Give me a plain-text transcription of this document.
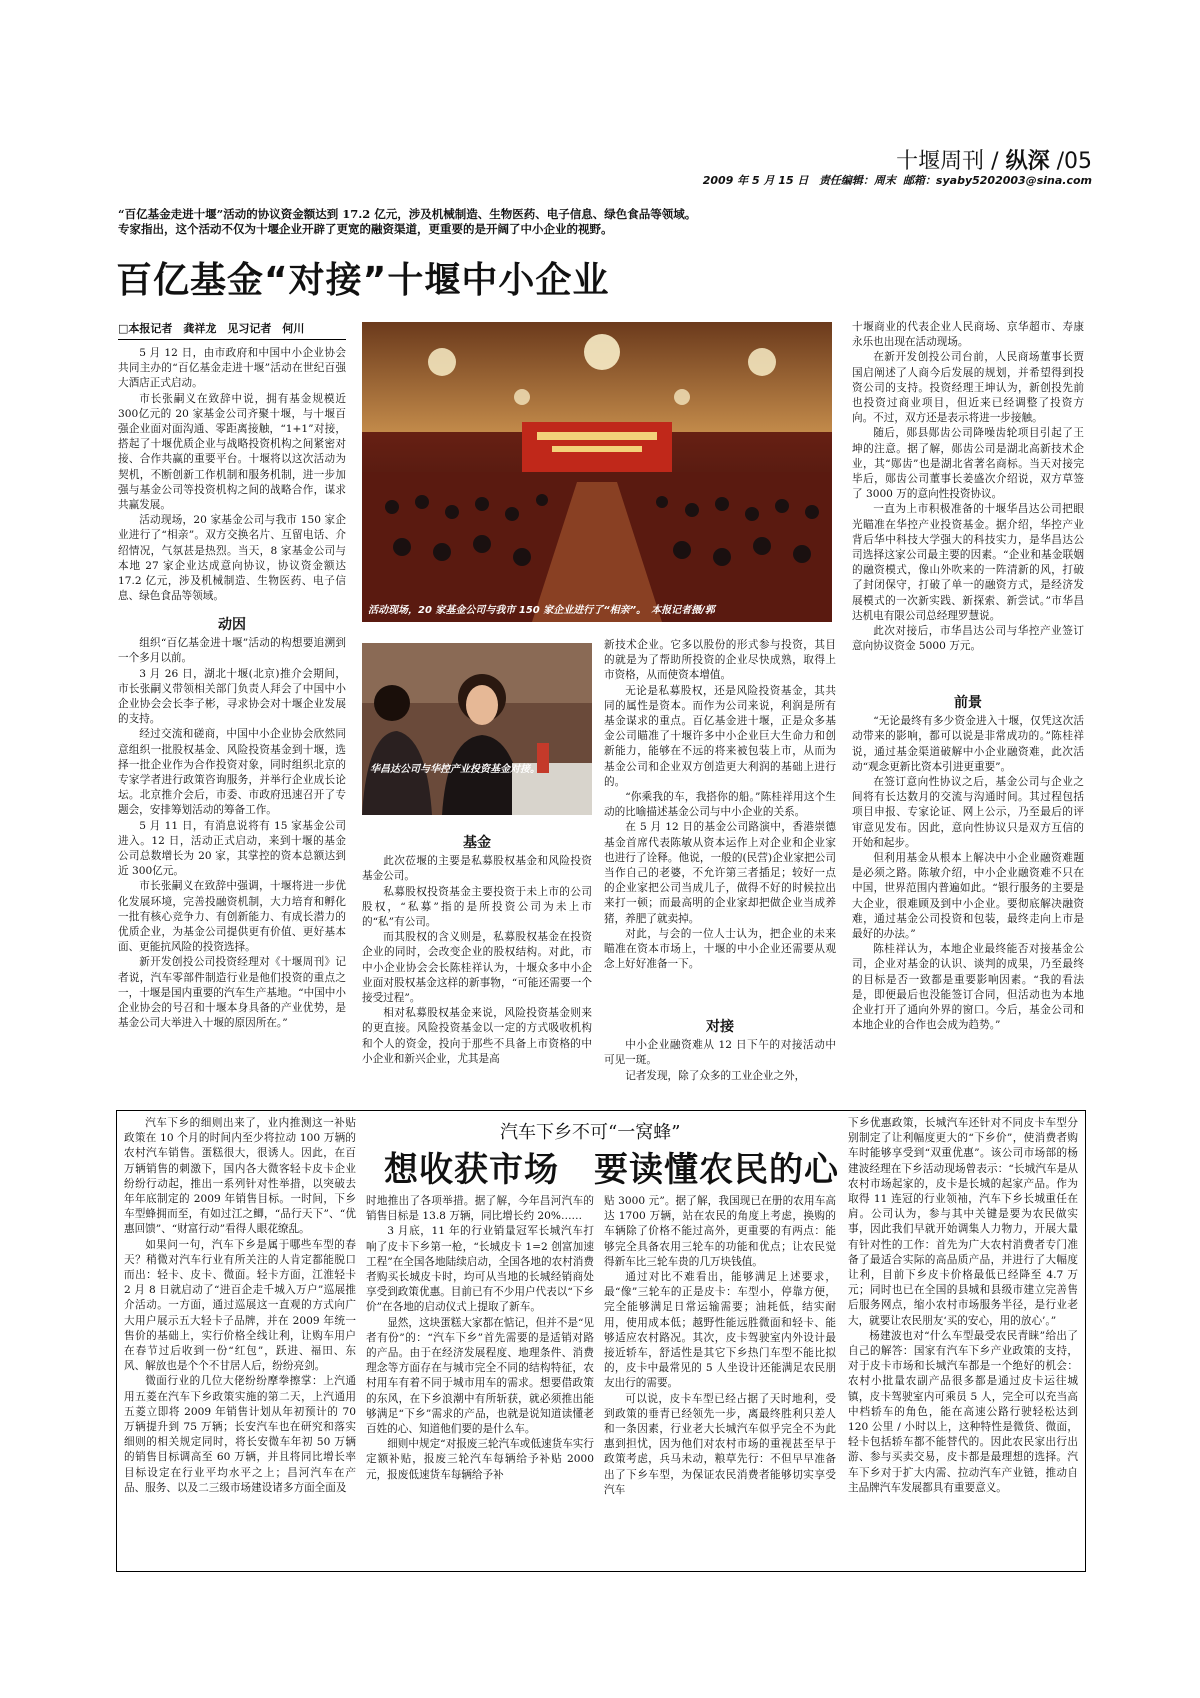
十堰周刊 / 纵深 /05
2009 年 5 月 15 日 责任编辑：周末 邮箱：syaby5202003@sina.com
“百亿基金走进十堰”活动的协议资金额达到 17.2 亿元，涉及机械制造、生物医药、电子信息、绿色食品等领域。
专家指出，这个活动不仅为十堰企业开辟了更宽的融资渠道，更重要的是开阔了中小企业的视野。
百亿基金“对接”十堰中小企业
□本报记者　龚祥龙　见习记者　何川

5 月 12 日，由市政府和中国中小企业协会共同主办的“百亿基金走进十堰”活动在世纪百强大酒店正式启动。

市长张嗣义在致辞中说，拥有基金规模近 300亿元的 20 家基金公司齐聚十堰，与十堰百强企业面对面沟通、零距离接触，“1+1”对接，搭起了十堰优质企业与战略投资机构之间紧密对接、合作共赢的重要平台。十堰将以这次活动为契机，不断创新工作机制和服务机制，进一步加强与基金公司等投资机构之间的战略合作，谋求共赢发展。

活动现场，20 家基金公司与我市 150 家企业进行了“相亲”。双方交换名片、互留电话、介绍情况，气氛甚是热烈。当天，8 家基金公司与本地 27 家企业达成意向协议，协议资金额达 17.2 亿元，涉及机械制造、生物医药、电子信息、绿色食品等领域。

动因

组织“百亿基金进十堰”活动的构想要追溯到一个多月以前。

3 月 26 日，湖北十堰(北京)推介会期间，市长张嗣义带领相关部门负责人拜会了中国中小企业协会会长李子彬，寻求协会对十堰企业发展的支持。

经过交流和磋商，中国中小企业协会欣然同意组织一批股权基金、风险投资基金到十堰，选择一批企业作为合作投资对象，同时组织北京的专家学者进行政策咨询服务，并举行企业成长论坛。北京推介会后，市委、市政府迅速召开了专题会，安排筹划活动的筹备工作。

5 月 11 日，有消息说将有 15 家基金公司进入。12 日，活动正式启动，来到十堰的基金公司总数增长为 20 家，其掌控的资本总额达到近 300亿元。

市长张嗣义在致辞中强调，十堰将进一步优化发展环境，完善投融资机制，大力培育和孵化一批有核心竞争力、有创新能力、有成长潜力的优质企业，为基金公司提供更有价值、更好基本面、更能抗风险的投资选择。

新开发创投公司投资经理对《十堰周刊》记者说，汽车零部件制造行业是他们投资的重点之一，十堰是国内重要的汽车生产基地。“中国中小企业协会的号召和十堰本身具备的产业优势，是基金公司大举进入十堰的原因所在。”

活动现场，20 家基金公司与我市 150 家企业进行了“相亲”。　本报记者摄/郭

十堰商业的代表企业人民商场、京华超市、寿康永乐也出现在活动现场。

在新开发创投公司台前，人民商场董事长贾国启阐述了人商今后发展的规划，并希望得到投资公司的支持。投资经理王坤认为，新创投先前也投资过商业项目，但近来已经调整了投资方向。不过，双方还是表示将进一步接触。

随后，郧县郧齿公司降噪齿轮项目引起了王坤的注意。据了解，郧齿公司是湖北高新技术企业，其“郧齿”也是湖北省著名商标。当天对接完毕后，郧齿公司董事长姜盛次介绍说，双方草签了 3000 万的意向性投资协议。

一直为上市积极准备的十堰华昌达公司把眼光瞄准在华控产业投资基金。据介绍，华控产业背后华中科技大学强大的科技实力，是华昌达公司选择这家公司最主要的因素。“企业和基金联姻的融资模式，像山外吹来的一阵清新的风，打破了封闭保守，打破了单一的融资方式，是经济发展模式的一次新实践、新探索、新尝试。”市华昌达机电有限公司总经理罗慧说。

此次对接后，市华昌达公司与华控产业签订意向协议资金 5000 万元。

前景

“无论最终有多少资金进入十堰，仅凭这次活动带来的影响，都可以说是非常成功的。”陈桂祥说，通过基金渠道破解中小企业融资难，此次活动“观念更新比资本引进更重要”。

在签订意向性协议之后，基金公司与企业之间将有长达数月的交流与沟通时间。其过程包括项目申报、专家论证、网上公示，乃至最后的评审意见发布。因此，意向性协议只是双方互信的开始和起步。

但利用基金从根本上解决中小企业融资难题是必须之路。陈敏介绍，中小企业融资难不只在中国，世界范围内普遍如此。“银行服务的主要是大企业，很难顾及到中小企业。要彻底解决融资难，通过基金公司投资和包装，最终走向上市是最好的办法。”

陈桂祥认为，本地企业最终能否对接基金公司，企业对基金的认识、谈判的成果，乃至最终的目标是否一致都是重要影响因素。“我的看法是，即便最后也没能签订合同，但活动也为本地企业打开了通向外界的窗口。今后，基金公司和本地企业的合作也会成为趋势。”

华昌达公司与华控产业投资基金对接。
基金

此次莅堰的主要是私募股权基金和风险投资基金公司。

私募股权投资基金主要投资于未上市的公司股权，“私募”指的是所投资公司为未上市的“私”有公司。

而其股权的含义则是，私募股权基金在投资企业的同时，会改变企业的股权结构。对此，市中小企业协会会长陈桂祥认为，十堰众多中小企业面对股权基金这样的新事物，“可能还需要一个接受过程”。

相对私募股权基金来说，风险投资基金则来的更直接。风险投资基金以一定的方式吸收机构和个人的资金，投向于那些不具备上市资格的中小企业和新兴企业，尤其是高

新技术企业。它多以股份的形式参与投资，其目的就是为了帮助所投资的企业尽快成熟，取得上市资格，从而使资本增值。

无论是私募股权，还是风险投资基金，其共同的属性是资本。而作为公司来说，利润是所有基金谋求的重点。百亿基金进十堰，正是众多基金公司瞄准了十堰许多中小企业巨大生命力和创新能力，能够在不远的将来被包装上市，从而为基金公司和企业双方创造更大利润的基础上进行的。

“你乘我的车，我搭你的船。”陈桂祥用这个生动的比喻描述基金公司与中小企业的关系。

在 5 月 12 日的基金公司路演中，香港崇德基金首席代表陈敏从资本运作上对企业和企业家也进行了诠释。他说，一般的(民营)企业家把公司当作自己的老婆，不允许第三者插足；较好一点的企业家把公司当成儿子，做得不好的时候拉出来打一顿；而最高明的企业家却把做企业当成养猪，养肥了就卖掉。

对此，与会的一位人士认为，把企业的未来瞄准在资本市场上，十堰的中小企业还需要从观念上好好准备一下。

对接

中小企业融资难从 12 日下午的对接活动中可见一斑。

记者发现，除了众多的工业企业之外，

汽车下乡不可“一窝蜂”
想收获市场　要读懂农民的心

汽车下乡的细则出来了，业内推测这一补贴政策在 10 个月的时间内至少将拉动 100 万辆的农村汽车销售。蛋糕很大，很诱人。因此，在百万辆销售的刺激下，国内各大微客轻卡皮卡企业纷纷行动起，推出一系列针对性举措，以突破去年年底制定的 2009 年销售目标。一时间，下乡车型蜂拥而至，有如过江之鲫，“品行天下”、“优惠回馈”、“财富行动”看得人眼花缭乱。

如果问一句，汽车下乡是属于哪些车型的春天？稍微对汽车行业有所关注的人肯定都能脱口而出：轻卡、皮卡、微面。轻卡方面，江淮轻卡 2 月 8 日就启动了“进百企走千城入万户”巡展推介活动。一方面，通过巡展这一直观的方式向广大用户展示五大轻卡子品牌，并在 2009 年统一售价的基础上，实行价格全线让利，让购车用户在春节过后收到一份“红包”，跃进、福田、东风、解放也是个个不甘居人后，纷纷亮剑。

微面行业的几位大佬纷纷摩拳擦掌：上汽通用五菱在汽车下乡政策实施的第二天，上汽通用五菱立即将 2009 年销售计划从年初预计的 70 万辆提升到 75 万辆；长安汽车也在研究和落实细则的相关规定同时，将长安微车年初 50 万辆的销售目标调高至 60 万辆，并且将同比增长率目标设定在行业平均水平之上；昌河汽车在产品、服务、以及二三级市场建设诸多方面全面及

时地推出了各项举措。据了解，今年昌河汽车的销售目标是 13.8 万辆，同比增长约 20%……

3 月底，11 年的行业销量冠军长城汽车打响了皮卡下乡第一枪，“长城皮卡 1=2 创富加速工程”在全国各地陆续启动，全国各地的农村消费者购买长城皮卡时，均可从当地的长城经销商处享受到政策优惠。目前已有不少用户代表以“下乡价”在各地的启动仪式上提取了新车。

显然，这块蛋糕大家都在惦记，但并不是“见者有份”的：“汽车下乡”首先需要的是适销对路的产品。由于在经济发展程度、地理条件、消费理念等方面存在与城市完全不同的结构特征，农村用车有着不同于城市用车的需求。想要借政策的东风，在下乡浪潮中有所斩获，就必须推出能够满足“下乡”需求的产品，也就是说知道读懂老百姓的心、知道他们要的是什么车。

细则中规定“对报废三轮汽车或低速货车实行定额补贴，报废三轮汽车每辆给予补贴 2000 元，报废低速货车每辆给予补

贴 3000 元”。据了解，我国现已在册的农用车高达 1700 万辆，站在农民的角度上考虑，换购的车辆除了价格不能过高外，更重要的有两点：能够完全具备农用三轮车的功能和优点；让农民觉得新车比三轮车贵的几万块钱值。

通过对比不难看出，能够满足上述要求，最“像”三轮车的正是皮卡：车型小，停靠方便，完全能够满足日常运输需要；油耗低，结实耐用，使用成本低；越野性能远胜微面和轻卡、能够适应农村路况。其次，皮卡驾驶室内外设计最接近轿车，舒适性是其它下乡热门车型不能比拟的，皮卡中最常见的 5 人坐设计还能满足农民朋友出行的需要。

可以说，皮卡车型已经占据了天时地利，受到政策的垂青已经领先一步，离最终胜利只差人和一条因素，行业老大长城汽车似乎完全不为此惠到担忧，因为他们对农村市场的重视甚至早于政策考虑，兵马未动，粮草先行：不但早早准备出了下乡车型，为保证农民消费者能够切实享受汽车

下乡优惠政策，长城汽车还针对不同皮卡车型分别制定了让利幅度更大的“下乡价”，使消费者购车时能够享受到“双重优惠”。该公司市场部的杨建波经理在下乡活动现场曾表示：“长城汽车是从农村市场起家的，皮卡是长城的起家产品。作为取得 11 连冠的行业领袖，汽车下乡长城重任在肩。公司认为，参与其中关键是要为农民做实事，因此我们早就开始调集人力物力，开展大量有针对性的工作：首先为广大农村消费者专门准备了最适合实际的高品质产品，并进行了大幅度让利，目前下乡皮卡价格最低已经降至 4.7 万元；同时也已在全国的县城和县级市建立完善售后服务网点，缩小农村市场服务半径，是行业老大，就要让农民朋友‘买的安心，用的放心’。”

杨建波也对“什么车型最受农民青睐”给出了自己的解答：国家有汽车下乡产业政策的支持，对于皮卡市场和长城汽车都是一个绝好的机会：农村小批量农副产品很多都是通过皮卡运往城镇，皮卡驾驶室内可乘员 5 人，完全可以充当高中档轿车的角色，能在高速公路行驶轻松达到 120 公里 / 小时以上，这种特性是微货、微面，轻卡包括轿车都不能替代的。因此农民家出行出游、参与买卖交易，皮卡都是最理想的选择。汽车下乡对于扩大内需、拉动汽车产业链，推动自主品牌汽车发展都具有重要意义。
